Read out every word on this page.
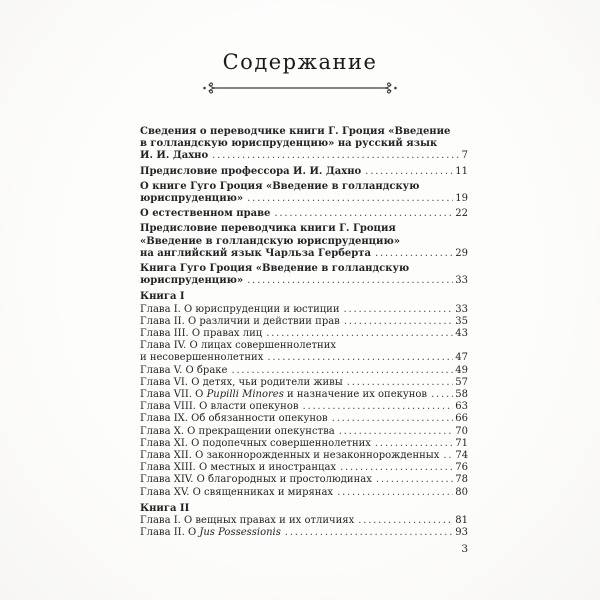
Содержание
Сведения о переводчике книги Г. Гроция «Введение
в голландскую юриспруденцию» на русский язык
И. И. Дахно .....	7
Предисловие профессора И. И. Дахно .....	11
О книге Гуго Гроция «Введение в голландскую
юриспруденцию» .....	19
О естественном праве .....	22
Предисловие переводчика книги Г. Гроция
«Введение в голландскую юриспруденцию»
на английский язык Чарльза Герберта .....	29
Книга Гуго Гроция «Введение в голландскую
юриспруденцию» .....	33
Книга I
Глава I. О юриспруденции и юстиции .....	33
Глава II. О различии и действии прав .....	35
Глава III. О правах лиц .....	43
Глава IV. О лицах совершеннолетних
и несовершеннолетних .....	47
Глава V. О браке .....	49
Глава VI. О детях, чьи родители живы .....	57
Глава VII. О Pupilli Minores и назначение их опекунов .....	58
Глава VIII. О власти опекунов .....	63
Глава IX. Об обязанности опекунов .....	66
Глава X. О прекращении опекунства .....	70
Глава XI. О подопечных совершеннолетних .....	71
Глава XII. О законнорожденных и незаконнорожденных ..... 74
Глава XIII. О местных и иностранцах .....	76
Глава XIV. О благородных и простолюдинах .....	78
Глава XV. О священниках и мирянах .....	80
Книга II
Глава I. О вещных правах и их отличиях .....	81
Глава II. О Jus Possessionis .....	93
3
